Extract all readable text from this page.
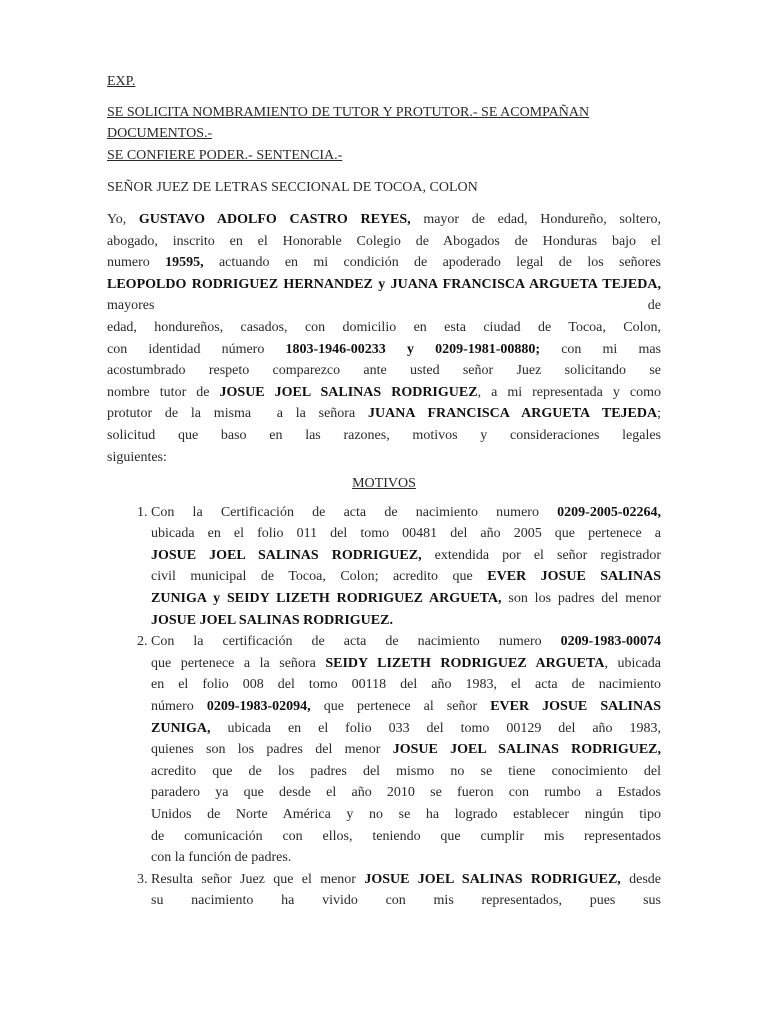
EXP.
SE SOLICITA NOMBRAMIENTO DE TUTOR Y PROTUTOR.- SE ACOMPAÑAN DOCUMENTOS.-
SE CONFIERE PODER.- SENTENCIA.-
SEÑOR JUEZ DE LETRAS SECCIONAL DE TOCOA, COLON
Yo, GUSTAVO ADOLFO CASTRO REYES, mayor de edad, Hondureño, soltero,
abogado, inscrito en el Honorable Colegio de Abogados de Honduras bajo el
numero 19595, actuando en mi condición de apoderado legal de los señores
LEOPOLDO RODRIGUEZ HERNANDEZ y JUANA FRANCISCA ARGUETA TEJEDA, mayores de
edad, hondureños, casados, con domicilio en esta ciudad de Tocoa, Colon,
con identidad número 1803-1946-00233 y 0209-1981-00880; con mi mas
acostumbrado respeto comparezco ante usted señor Juez solicitando se
nombre tutor de JOSUE JOEL SALINAS RODRIGUEZ, a mi representada y como
protutor de la misma  a la señora JUANA FRANCISCA ARGUETA TEJEDA;
solicitud que baso en las razones, motivos y consideraciones legales
siguientes:
MOTIVOS
1. Con la Certificación de acta de nacimiento numero 0209-2005-02264,
ubicada en el folio 011 del tomo 00481 del año 2005 que pertenece a
JOSUE JOEL SALINAS RODRIGUEZ, extendida por el señor registrador
civil municipal de Tocoa, Colon; acredito que EVER JOSUE SALINAS
ZUNIGA y SEIDY LIZETH RODRIGUEZ ARGUETA, son los padres del menor
JOSUE JOEL SALINAS RODRIGUEZ.
2. Con la certificación de acta de nacimiento numero 0209-1983-00074
que pertenece a la señora SEIDY LIZETH RODRIGUEZ ARGUETA, ubicada
en el folio 008 del tomo 00118 del año 1983, el acta de nacimiento
número 0209-1983-02094, que pertenece al señor EVER JOSUE SALINAS
ZUNIGA, ubicada en el folio 033 del tomo 00129 del año 1983,
quienes son los padres del menor JOSUE JOEL SALINAS RODRIGUEZ,
acredito que de los padres del mismo no se tiene conocimiento del
paradero ya que desde el año 2010 se fueron con rumbo a Estados
Unidos de Norte América y no se ha logrado establecer ningún tipo
de comunicación con ellos, teniendo que cumplir mis representados
con la función de padres.
3. Resulta señor Juez que el menor JOSUE JOEL SALINAS RODRIGUEZ, desde
su nacimiento ha vivido con mis representados, pues sus
